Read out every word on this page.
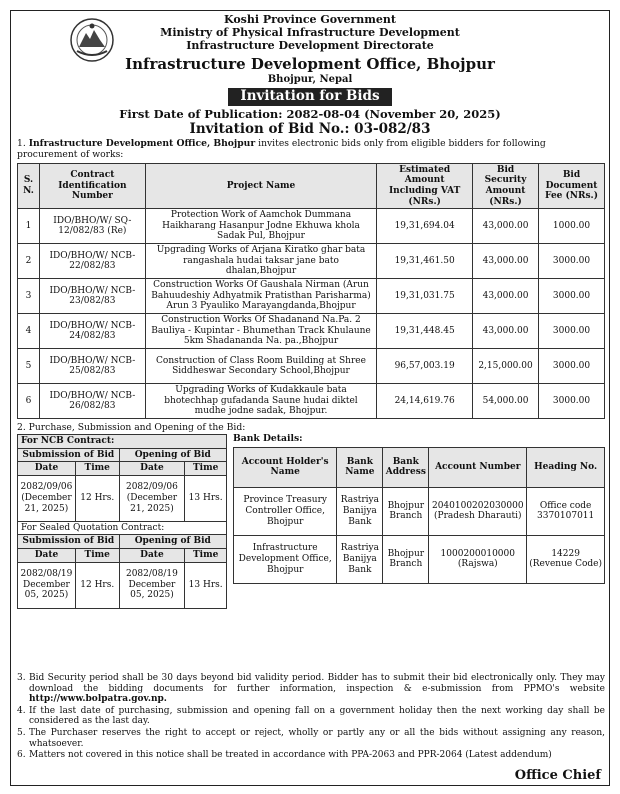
Koshi Province Government
Ministry of Physical Infrastructure Development
Infrastructure Development Directorate
Infrastructure Development Office, Bhojpur
Bhojpur, Nepal
Invitation for Bids
First Date of Publication: 2082-08-04 (November 20, 2025)
Invitation of Bid No.: 03-082/83
1. Infrastructure Development Office, Bhojpur invites electronic bids only from eligible bidders for following procurement of works:
S. N.	Contract Identification Number	Project Name	Estimated Amount Including VAT (NRs.)	Bid Security Amount (NRs.)	Bid Document Fee (NRs.)
1	IDO/BHO/W/ SQ-12/082/83 (Re)	Protection Work of Aamchok Dummana Haikharang Hasanpur Jodne Ekhuwa khola Sadak Pul, Bhojpur	19,31,694.04	43,000.00	1000.00
2	IDO/BHO/W/ NCB-22/082/83	Upgrading Works of Arjana Kiratko ghar bata rangashala hudai taksar jane bato dhalan,Bhojpur	19,31,461.50	43,000.00	3000.00
3	IDO/BHO/W/ NCB-23/082/83	Construction Works Of Gaushala Nirman (Arun Bahuudeshiy Adhyatmik Pratisthan Parisharma) Arun 3 Pyauliko Marayangdanda,Bhojpur	19,31,031.75	43,000.00	3000.00
4	IDO/BHO/W/ NCB-24/082/83	Construction Works Of Shadanand Na.Pa. 2 Bauliya - Kupintar - Bhumethan Track Khulaune 5km Shadananda Na. pa.,Bhojpur	19,31,448.45	43,000.00	3000.00
5	IDO/BHO/W/ NCB-25/082/83	Construction of Class Room Building at Shree Siddheswar Secondary School,Bhojpur	96,57,003.19	2,15,000.00	3000.00
6	IDO/BHO/W/ NCB-26/082/83	Upgrading Works of Kudakkaule bata bhotechhap gufadanda Saune hudai diktel mudhe jodne sadak, Bhojpur.	24,14,619.76	54,000.00	3000.00
2. Purchase, Submission and Opening of the Bid:
For NCB Contract:			
Submission of Bid		Opening of Bid	
Date	Time	Date	Time
2082/09/06 (December 21, 2025)	12 Hrs.	2082/09/06 (December 21, 2025)	13 Hrs.
For Sealed Quotation Contract:			
Submission of Bid		Opening of Bid	
Date	Time	Date	Time
2082/08/19 December 05, 2025)	12 Hrs.	2082/08/19 December 05, 2025)	13 Hrs.
Bank Details:
Account Holder's Name	Bank Name	Bank Address	Account Number	Heading No.
Province Treasury Controller Office, Bhojpur	Rastriya Banijya Bank	Bhojpur Branch	2040100202030000 (Pradesh Dharauti)	Office code 3370107011
Infrastructure Development Office, Bhojpur	Rastriya Banijya Bank	Bhojpur Branch	1000200010000 (Rajswa)	14229 (Revenue Code)
3. Bid Security period shall be 30 days beyond bid validity period. Bidder has to submit their bid electronically only. They may download the bidding documents for further information, inspection & e-submission from PPMO's website http://www.bolpatra.gov.np.
4. If the last date of purchasing, submission and opening fall on a government holiday then the next working day shall be considered as the last day.
5. The Purchaser reserves the right to accept or reject, wholly or partly any or all the bids without assigning any reason, whatsoever.
6. Matters not covered in this notice shall be treated in accordance with PPA-2063 and PPR-2064 (Latest addendum)
Office Chief
